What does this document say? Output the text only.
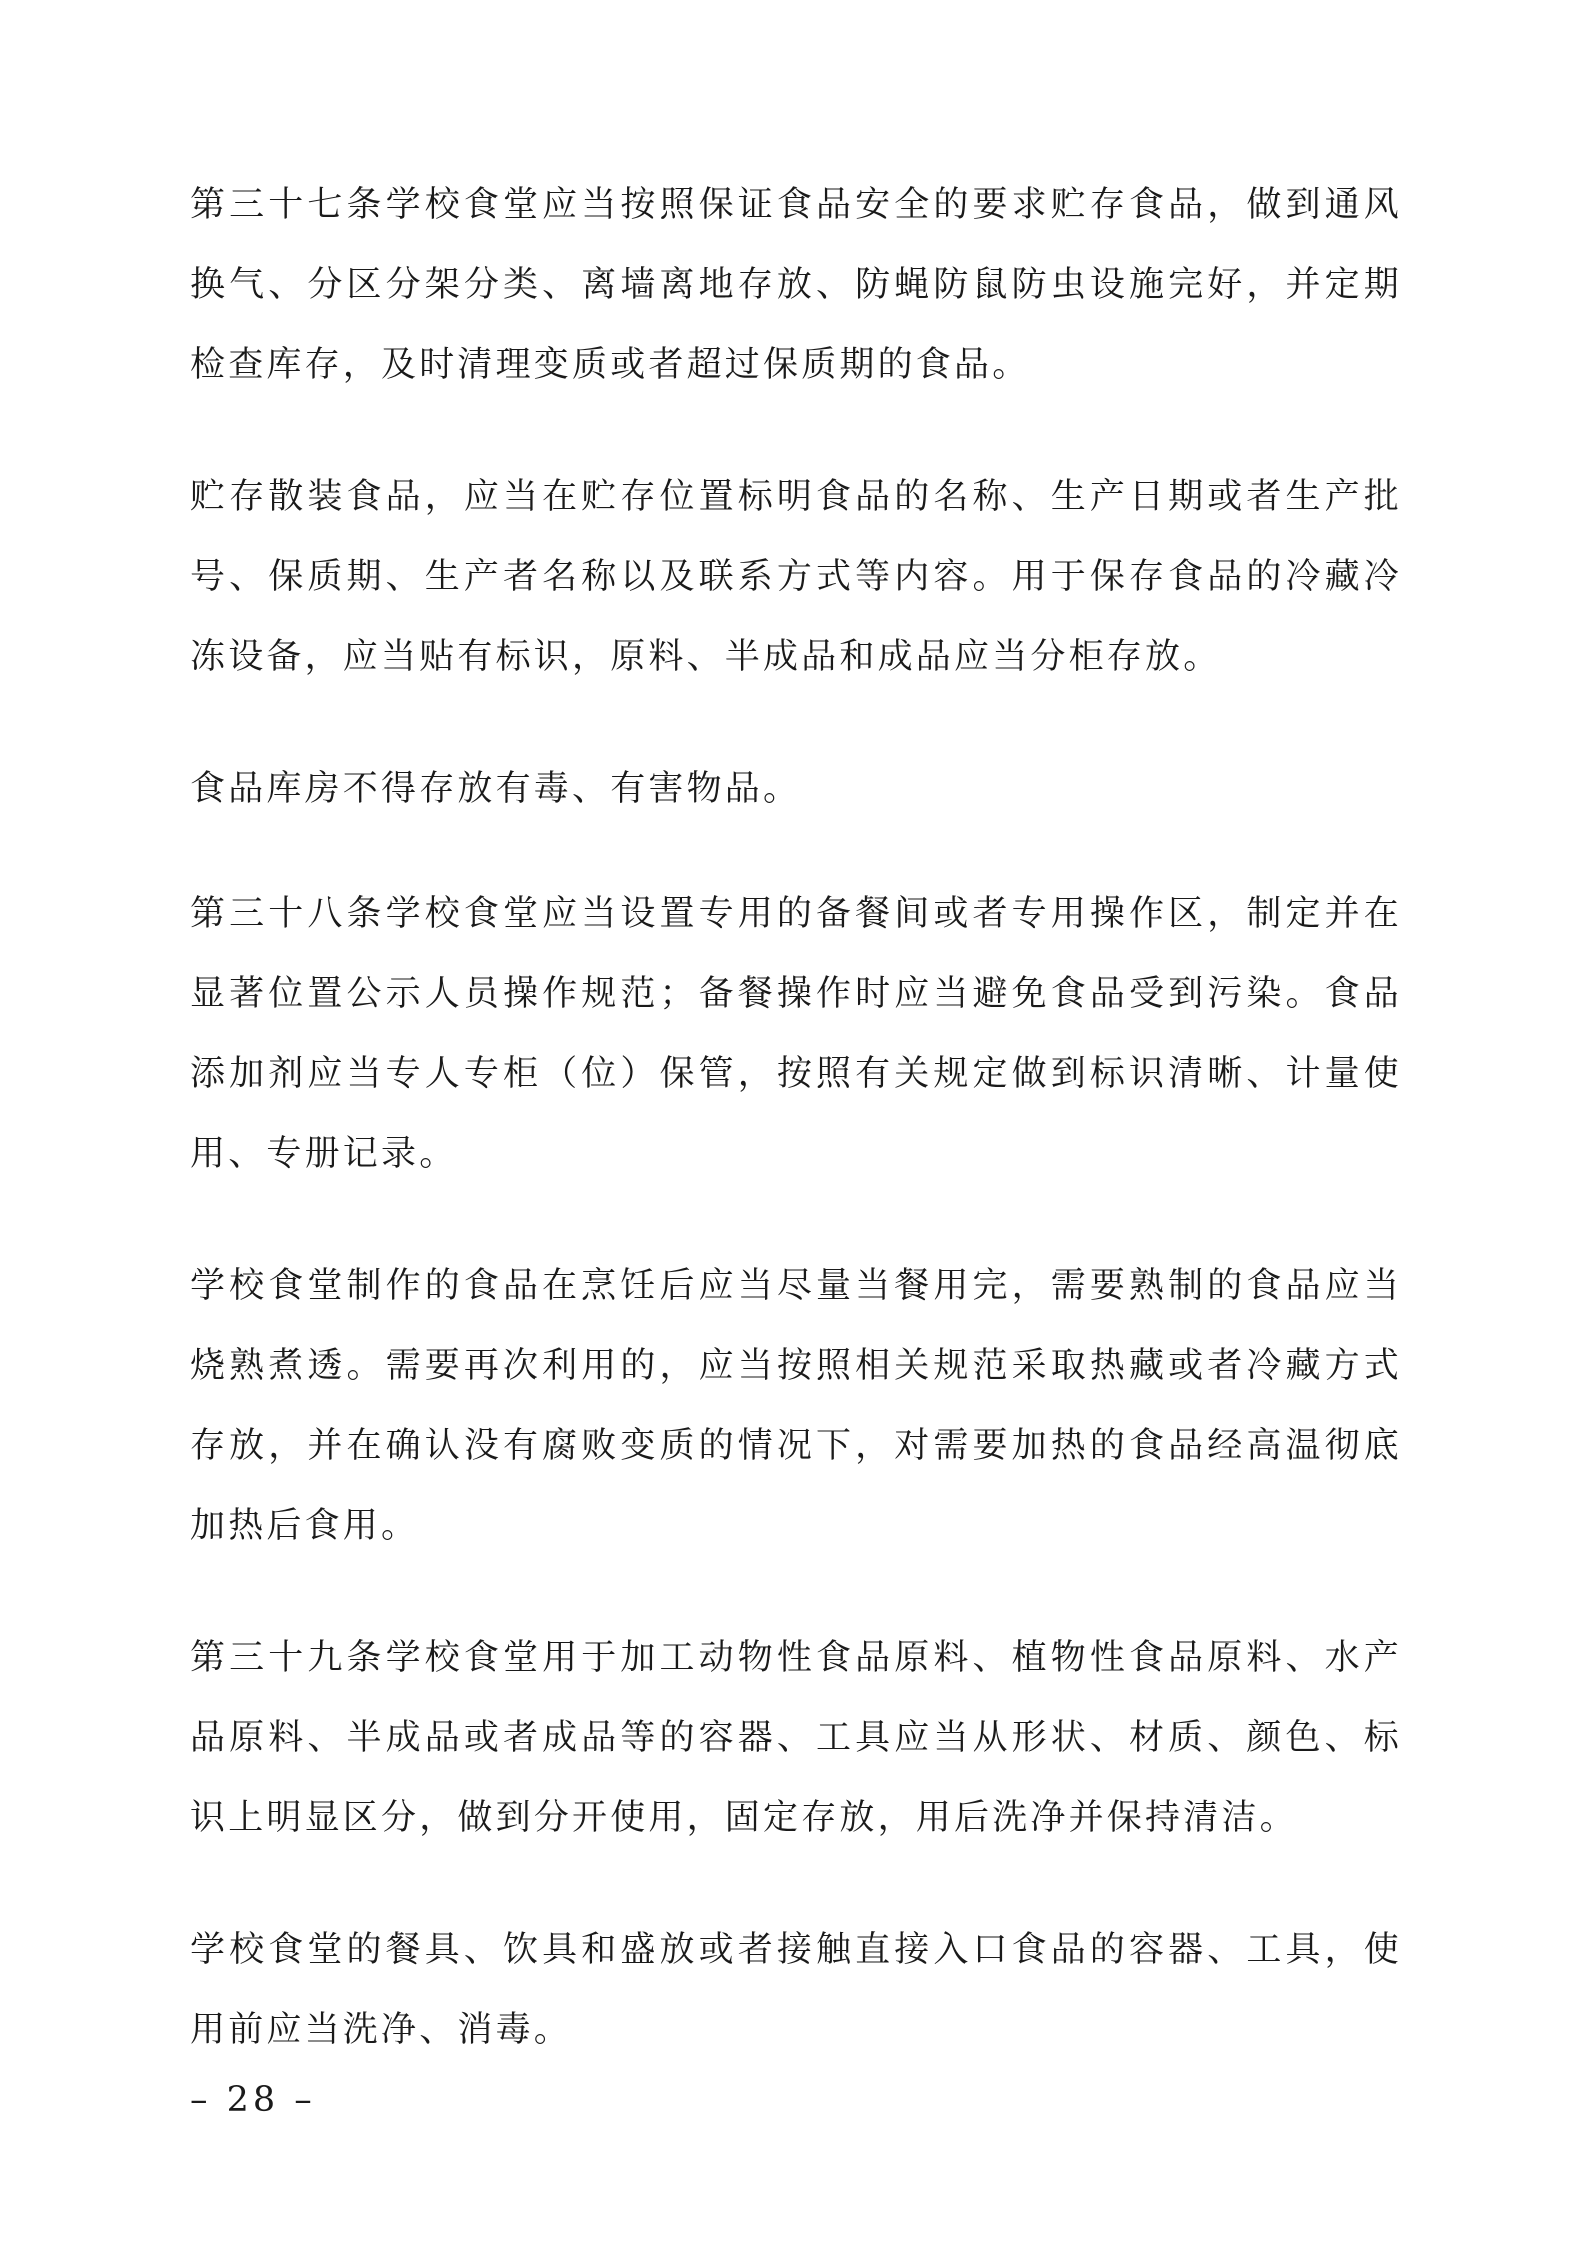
第三十七条学校食堂应当按照保证食品安全的要求贮存食品，做到通风换气、分区分架分类、离墙离地存放、防蝇防鼠防虫设施完好，并定期检查库存，及时清理变质或者超过保质期的食品。

贮存散装食品，应当在贮存位置标明食品的名称、生产日期或者生产批号、保质期、生产者名称以及联系方式等内容。用于保存食品的冷藏冷冻设备，应当贴有标识，原料、半成品和成品应当分柜存放。

食品库房不得存放有毒、有害物品。

第三十八条学校食堂应当设置专用的备餐间或者专用操作区，制定并在显著位置公示人员操作规范；备餐操作时应当避免食品受到污染。食品添加剂应当专人专柜（位）保管，按照有关规定做到标识清晰、计量使用、专册记录。

学校食堂制作的食品在烹饪后应当尽量当餐用完，需要熟制的食品应当烧熟煮透。需要再次利用的，应当按照相关规范采取热藏或者冷藏方式存放，并在确认没有腐败变质的情况下，对需要加热的食品经高温彻底加热后食用。

第三十九条学校食堂用于加工动物性食品原料、植物性食品原料、水产品原料、半成品或者成品等的容器、工具应当从形状、材质、颜色、标识上明显区分，做到分开使用，固定存放，用后洗净并保持清洁。

学校食堂的餐具、饮具和盛放或者接触直接入口食品的容器、工具，使用前应当洗净、消毒。

– 28 –
